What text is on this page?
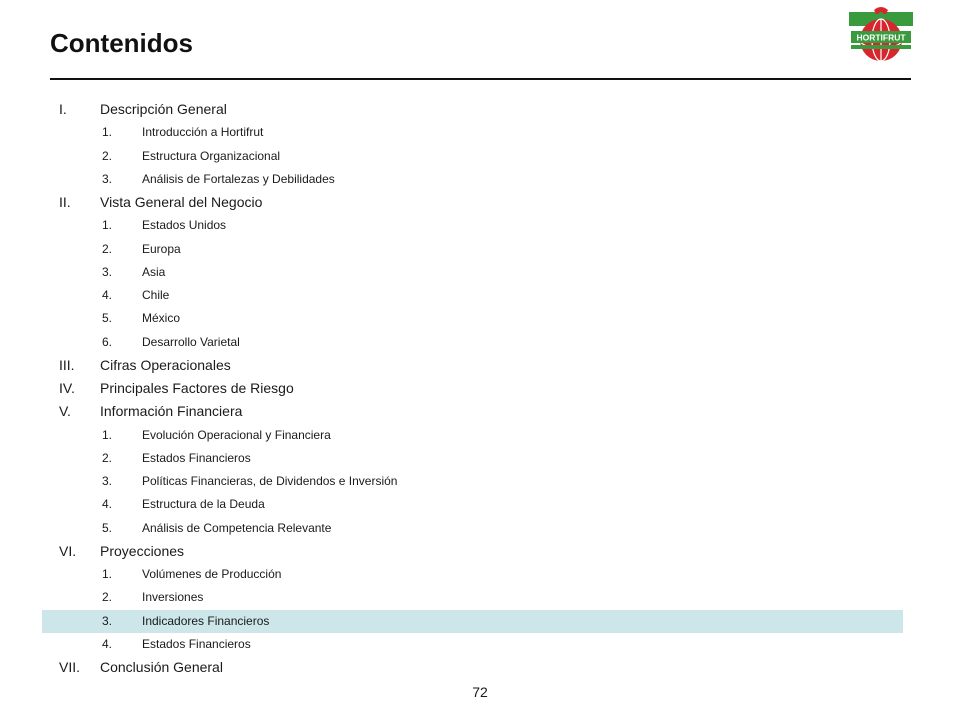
Contenidos	HORTIFRUT
I. Descripción General
1. Introducción a Hortifrut
2. Estructura Organizacional
3. Análisis de Fortalezas y Debilidades
II. Vista General del Negocio
1. Estados Unidos
2. Europa
3. Asia
4. Chile
5. México
6. Desarrollo Varietal
III. Cifras Operacionales
IV. Principales Factores de Riesgo
V. Información Financiera
1. Evolución Operacional y Financiera
2. Estados Financieros
3. Políticas Financieras, de Dividendos e Inversión
4. Estructura de la Deuda
5. Análisis de Competencia Relevante
VI. Proyecciones
1. Volúmenes de Producción
2. Inversiones
3. Indicadores Financieros
4. Estados Financieros
VII. Conclusión General
72
